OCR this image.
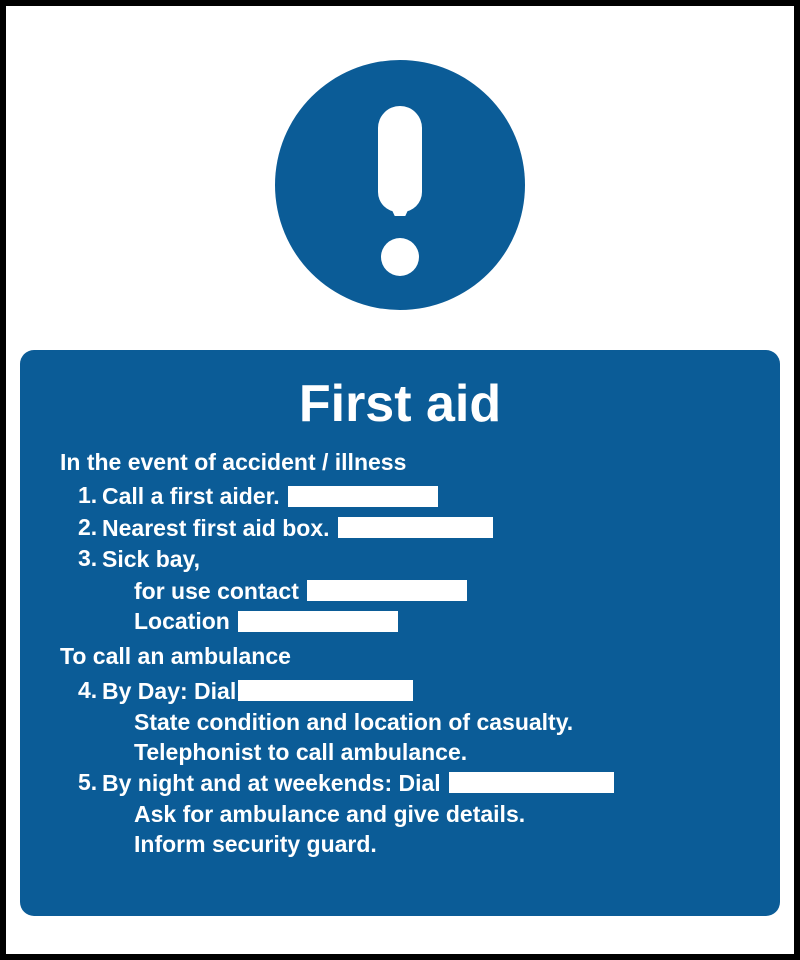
First aid
In the event of accident / illness
1. Call a first aider.
2. Nearest first aid box.
3. Sick bay,
for use contact
Location
To call an ambulance
4. By Day: Dial
State condition and location of casualty.
Telephonist to call ambulance.
5. By night and at weekends: Dial
Ask for ambulance and give details.
Inform security guard.
